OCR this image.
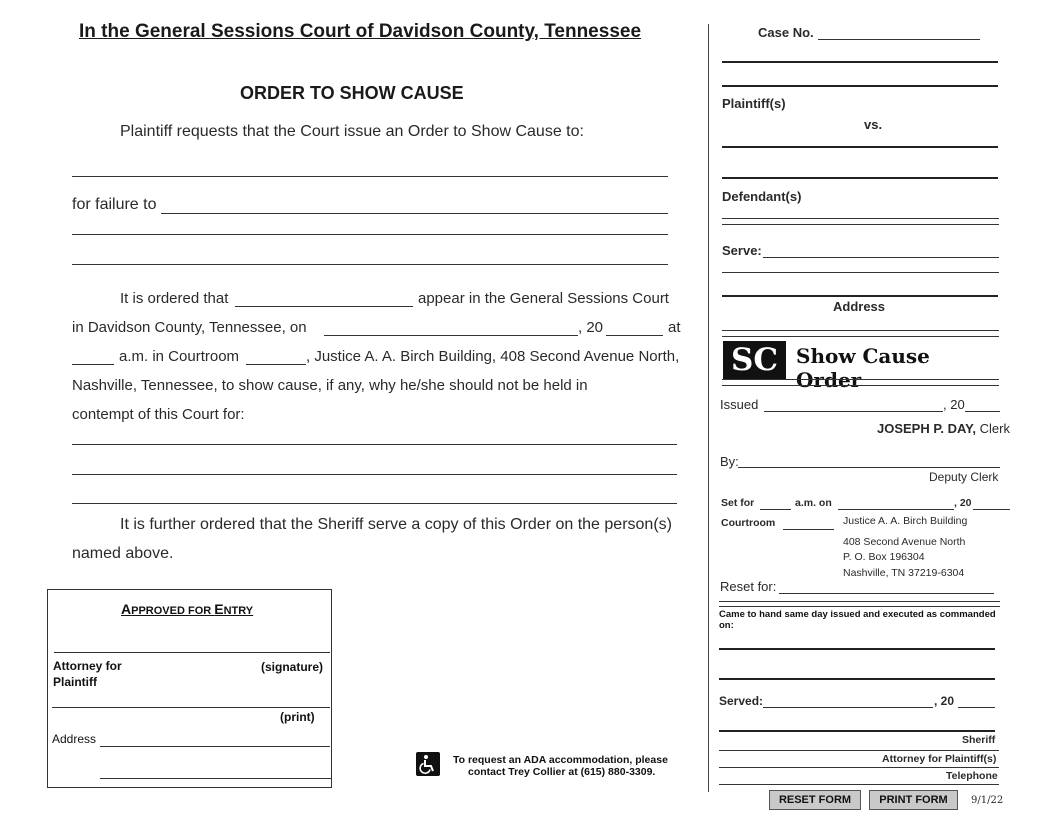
In the General Sessions Court of Davidson County, Tennessee
ORDER TO SHOW CAUSE
Plaintiff requests that the Court issue an Order to Show Cause to:
for failure to
It is ordered that	appear in the General Sessions Court
in Davidson County, Tennessee, on	, 20	at
a.m. in Courtroom	, Justice A. A. Birch Building, 408 Second Avenue North,
Nashville, Tennessee, to show cause, if any, why he/she should not be held in
contempt of this Court for:
It is further ordered that the Sheriff serve a copy of this Order on the person(s)
named above.
APPROVED FOR ENTRY
Attorney for
Plaintiff
(signature)
(print)
Address
To request an ADA accommodation, please
contact Trey Collier at (615) 880-3309.
Case No.
Plaintiff(s)
vs.
Defendant(s)
Serve:
Address
SC Show Cause Order
Issued	, 20
JOSEPH P. DAY, Clerk
By:
Deputy Clerk
Set for	a.m. on	, 20
Courtroom	Justice A. A. Birch Building
408 Second Avenue North
P. O. Box 196304
Nashville, TN 37219-6304
Reset for:
Came to hand same day issued and executed as commanded on:
Served:	, 20
Sheriff
Attorney for Plaintiff(s)
Telephone
RESET FORM	PRINT FORM	9/1/22
